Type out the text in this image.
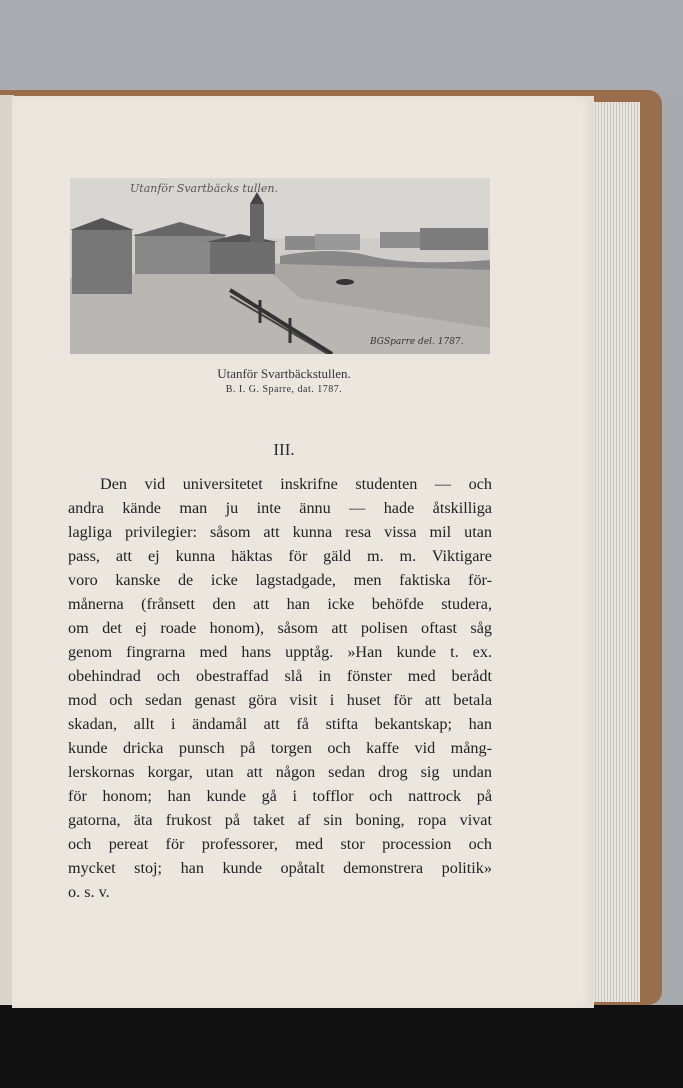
Utanför Svartbäcks tullen.
BGSparre del. 1787.
Utanför Svartbäckstullen.
B. I. G. Sparre, dat. 1787.
III.
Den vid universitetet inskrifne studenten — och
andra kände man ju inte ännu — hade åtskilliga
lagliga privilegier: såsom att kunna resa vissa mil utan
pass, att ej kunna häktas för gäld m. m. Viktigare
voro kanske de icke lagstadgade, men faktiska för-
månerna (frånsett den att han icke behöfde studera,
om det ej roade honom), såsom att polisen oftast såg
genom fingrarna med hans upptåg. »Han kunde t. ex.
obehindrad och obestraffad slå in fönster med berådt
mod och sedan genast göra visit i huset för att betala
skadan, allt i ändamål att få stifta bekantskap; han
kunde dricka punsch på torgen och kaffe vid mång-
lerskornas korgar, utan att någon sedan drog sig undan
för honom; han kunde gå i tofflor och nattrock på
gatorna, äta frukost på taket af sin boning, ropa vivat
och pereat för professorer, med stor procession och
mycket stoj; han kunde opåtalt demonstrera politik»
o. s. v.
